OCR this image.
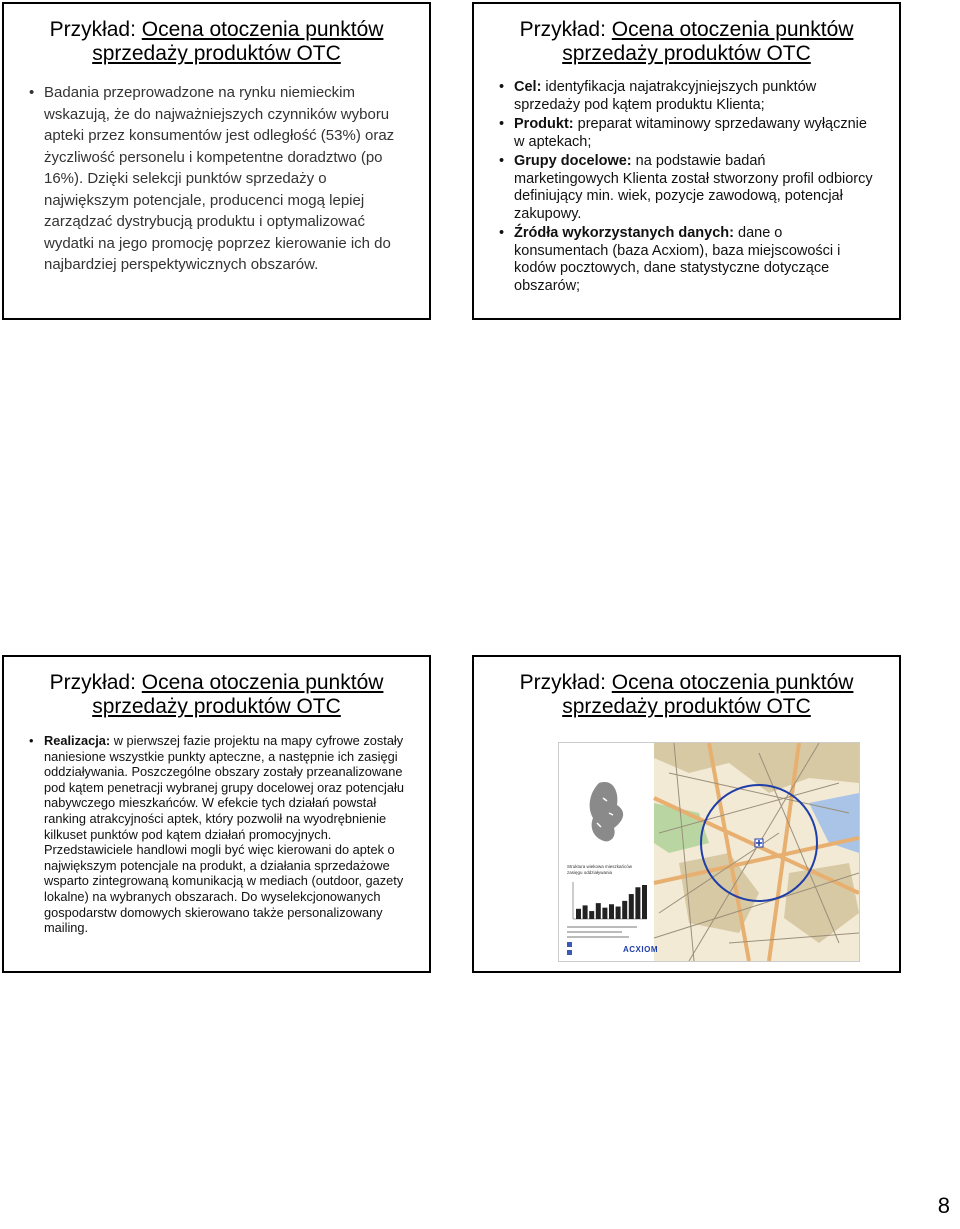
Przykład: Ocena otoczenia punktów
sprzedaży produktów OTC
• Badania przeprowadzone na rynku niemieckim wskazują, że do najważniejszych czynników wyboru apteki przez konsumentów jest odległość (53%) oraz życzliwość personelu i kompetentne doradztwo (po 16%). Dzięki selekcji punktów sprzedaży o największym potencjale, producenci mogą lepiej zarządzać dystrybucją produktu i optymalizować wydatki na jego promocję poprzez kierowanie ich do najbardziej perspektywicznych obszarów.
Przykład: Ocena otoczenia punktów
sprzedaży produktów OTC
• Cel: identyfikacja najatrakcyjniejszych punktów sprzedaży pod kątem produktu Klienta;
• Produkt: preparat witaminowy sprzedawany wyłącznie w aptekach;
• Grupy docelowe: na podstawie badań marketingowych Klienta został stworzony profil odbiorcy definiujący min. wiek, pozycje zawodową, potencjał zakupowy.
• Źródła wykorzystanych danych: dane o konsumentach (baza Acxiom), baza miejscowości i kodów pocztowych, dane statystyczne dotyczące obszarów;
Przykład: Ocena otoczenia punktów
sprzedaży produktów OTC
• Realizacja: w pierwszej fazie projektu na mapy cyfrowe zostały naniesione wszystkie punkty apteczne, a następnie ich zasięgi oddziaływania. Poszczególne obszary zostały przeanalizowane pod kątem penetracji wybranej grupy docelowej oraz potencjału nabywczego mieszkańców. W efekcie tych działań powstał ranking atrakcyjności aptek, który pozwolił na wyodrębnienie kilkuset punktów pod kątem działań promocyjnych. Przedstawiciele handlowi mogli być więc kierowani do aptek o największym potencjale na produkt, a działania sprzedażowe wsparto zintegrowaną komunikacją w mediach (outdoor, gazety lokalne) na wybranych obszarach. Do wyselekcjonowanych gospodarstw domowych skierowano także personalizowany mailing.
Przykład: Ocena otoczenia punktów
sprzedaży produktów OTC
Struktura wiekowa mieszkańców
zasięgu oddziaływania
ACXIOM
8
